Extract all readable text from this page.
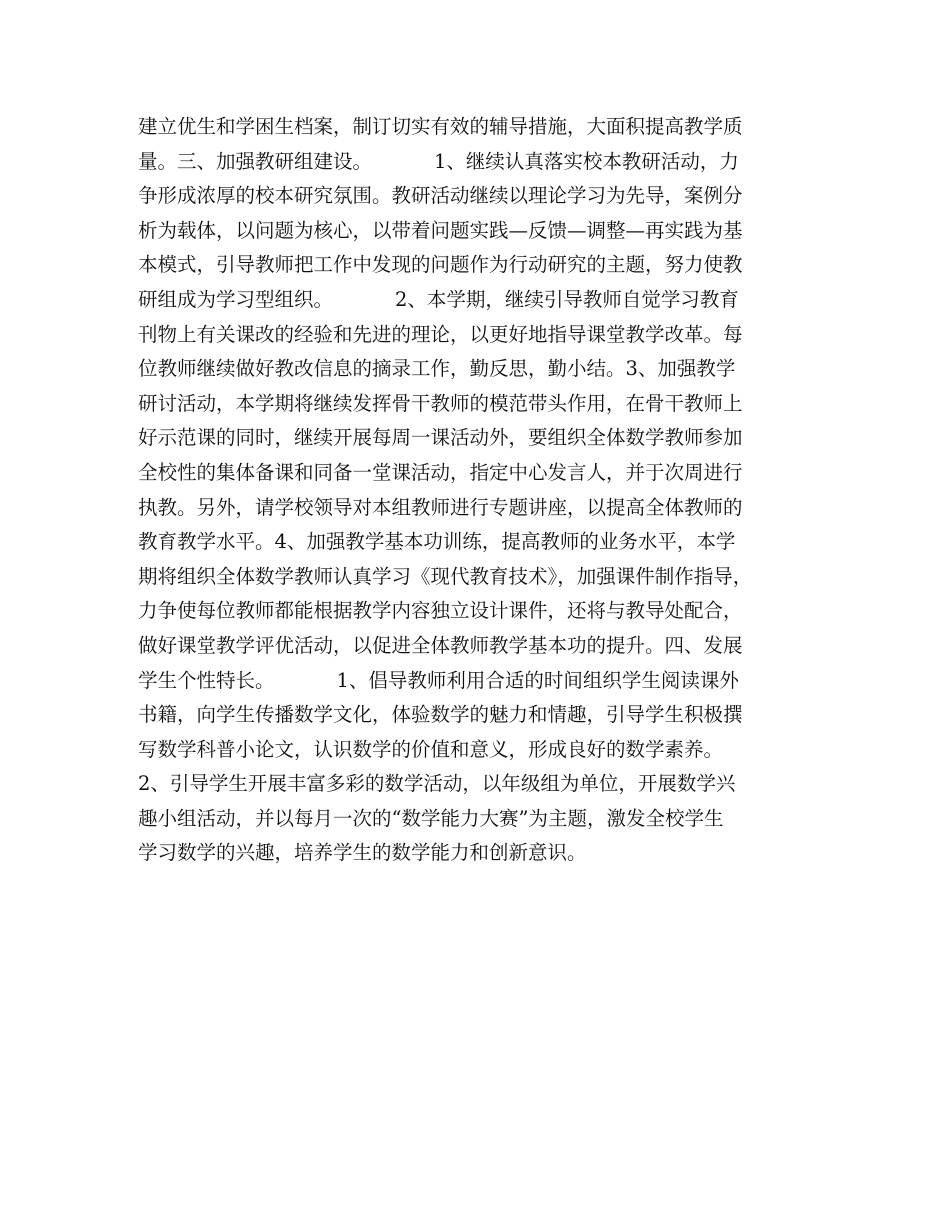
建立优生和学困生档案，制订切实有效的辅导措施，大面积提高教学质
量。三、加强教研组建设。          1、继续认真落实校本教研活动，力
争形成浓厚的校本研究氛围。教研活动继续以理论学习为先导，案例分
析为载体，以问题为核心，以带着问题实践—反馈—调整—再实践为基
本模式，引导教师把工作中发现的问题作为行动研究的主题，努力使教
研组成为学习型组织。          2、本学期，继续引导教师自觉学习教育
刊物上有关课改的经验和先进的理论，以更好地指导课堂教学改革。每
位教师继续做好教改信息的摘录工作，勤反思，勤小结。3、加强教学
研讨活动，本学期将继续发挥骨干教师的模范带头作用，在骨干教师上
好示范课的同时，继续开展每周一课活动外，要组织全体数学教师参加
全校性的集体备课和同备一堂课活动，指定中心发言人，并于次周进行
执教。另外，请学校领导对本组教师进行专题讲座，以提高全体教师的
教育教学水平。4、加强教学基本功训练，提高教师的业务水平，本学
期将组织全体数学教师认真学习《现代教育技术》，加强课件制作指导，
力争使每位教师都能根据教学内容独立设计课件，还将与教导处配合，
做好课堂教学评优活动，以促进全体教师教学基本功的提升。四、发展
学生个性特长。          1、倡导教师利用合适的时间组织学生阅读课外
书籍，向学生传播数学文化，体验数学的魅力和情趣，引导学生积极撰
写数学科普小论文，认识数学的价值和意义，形成良好的数学素养。
2、引导学生开展丰富多彩的数学活动，以年级组为单位，开展数学兴
趣小组活动，并以每月一次的“数学能力大赛”为主题，激发全校学生
学习数学的兴趣，培养学生的数学能力和创新意识。
